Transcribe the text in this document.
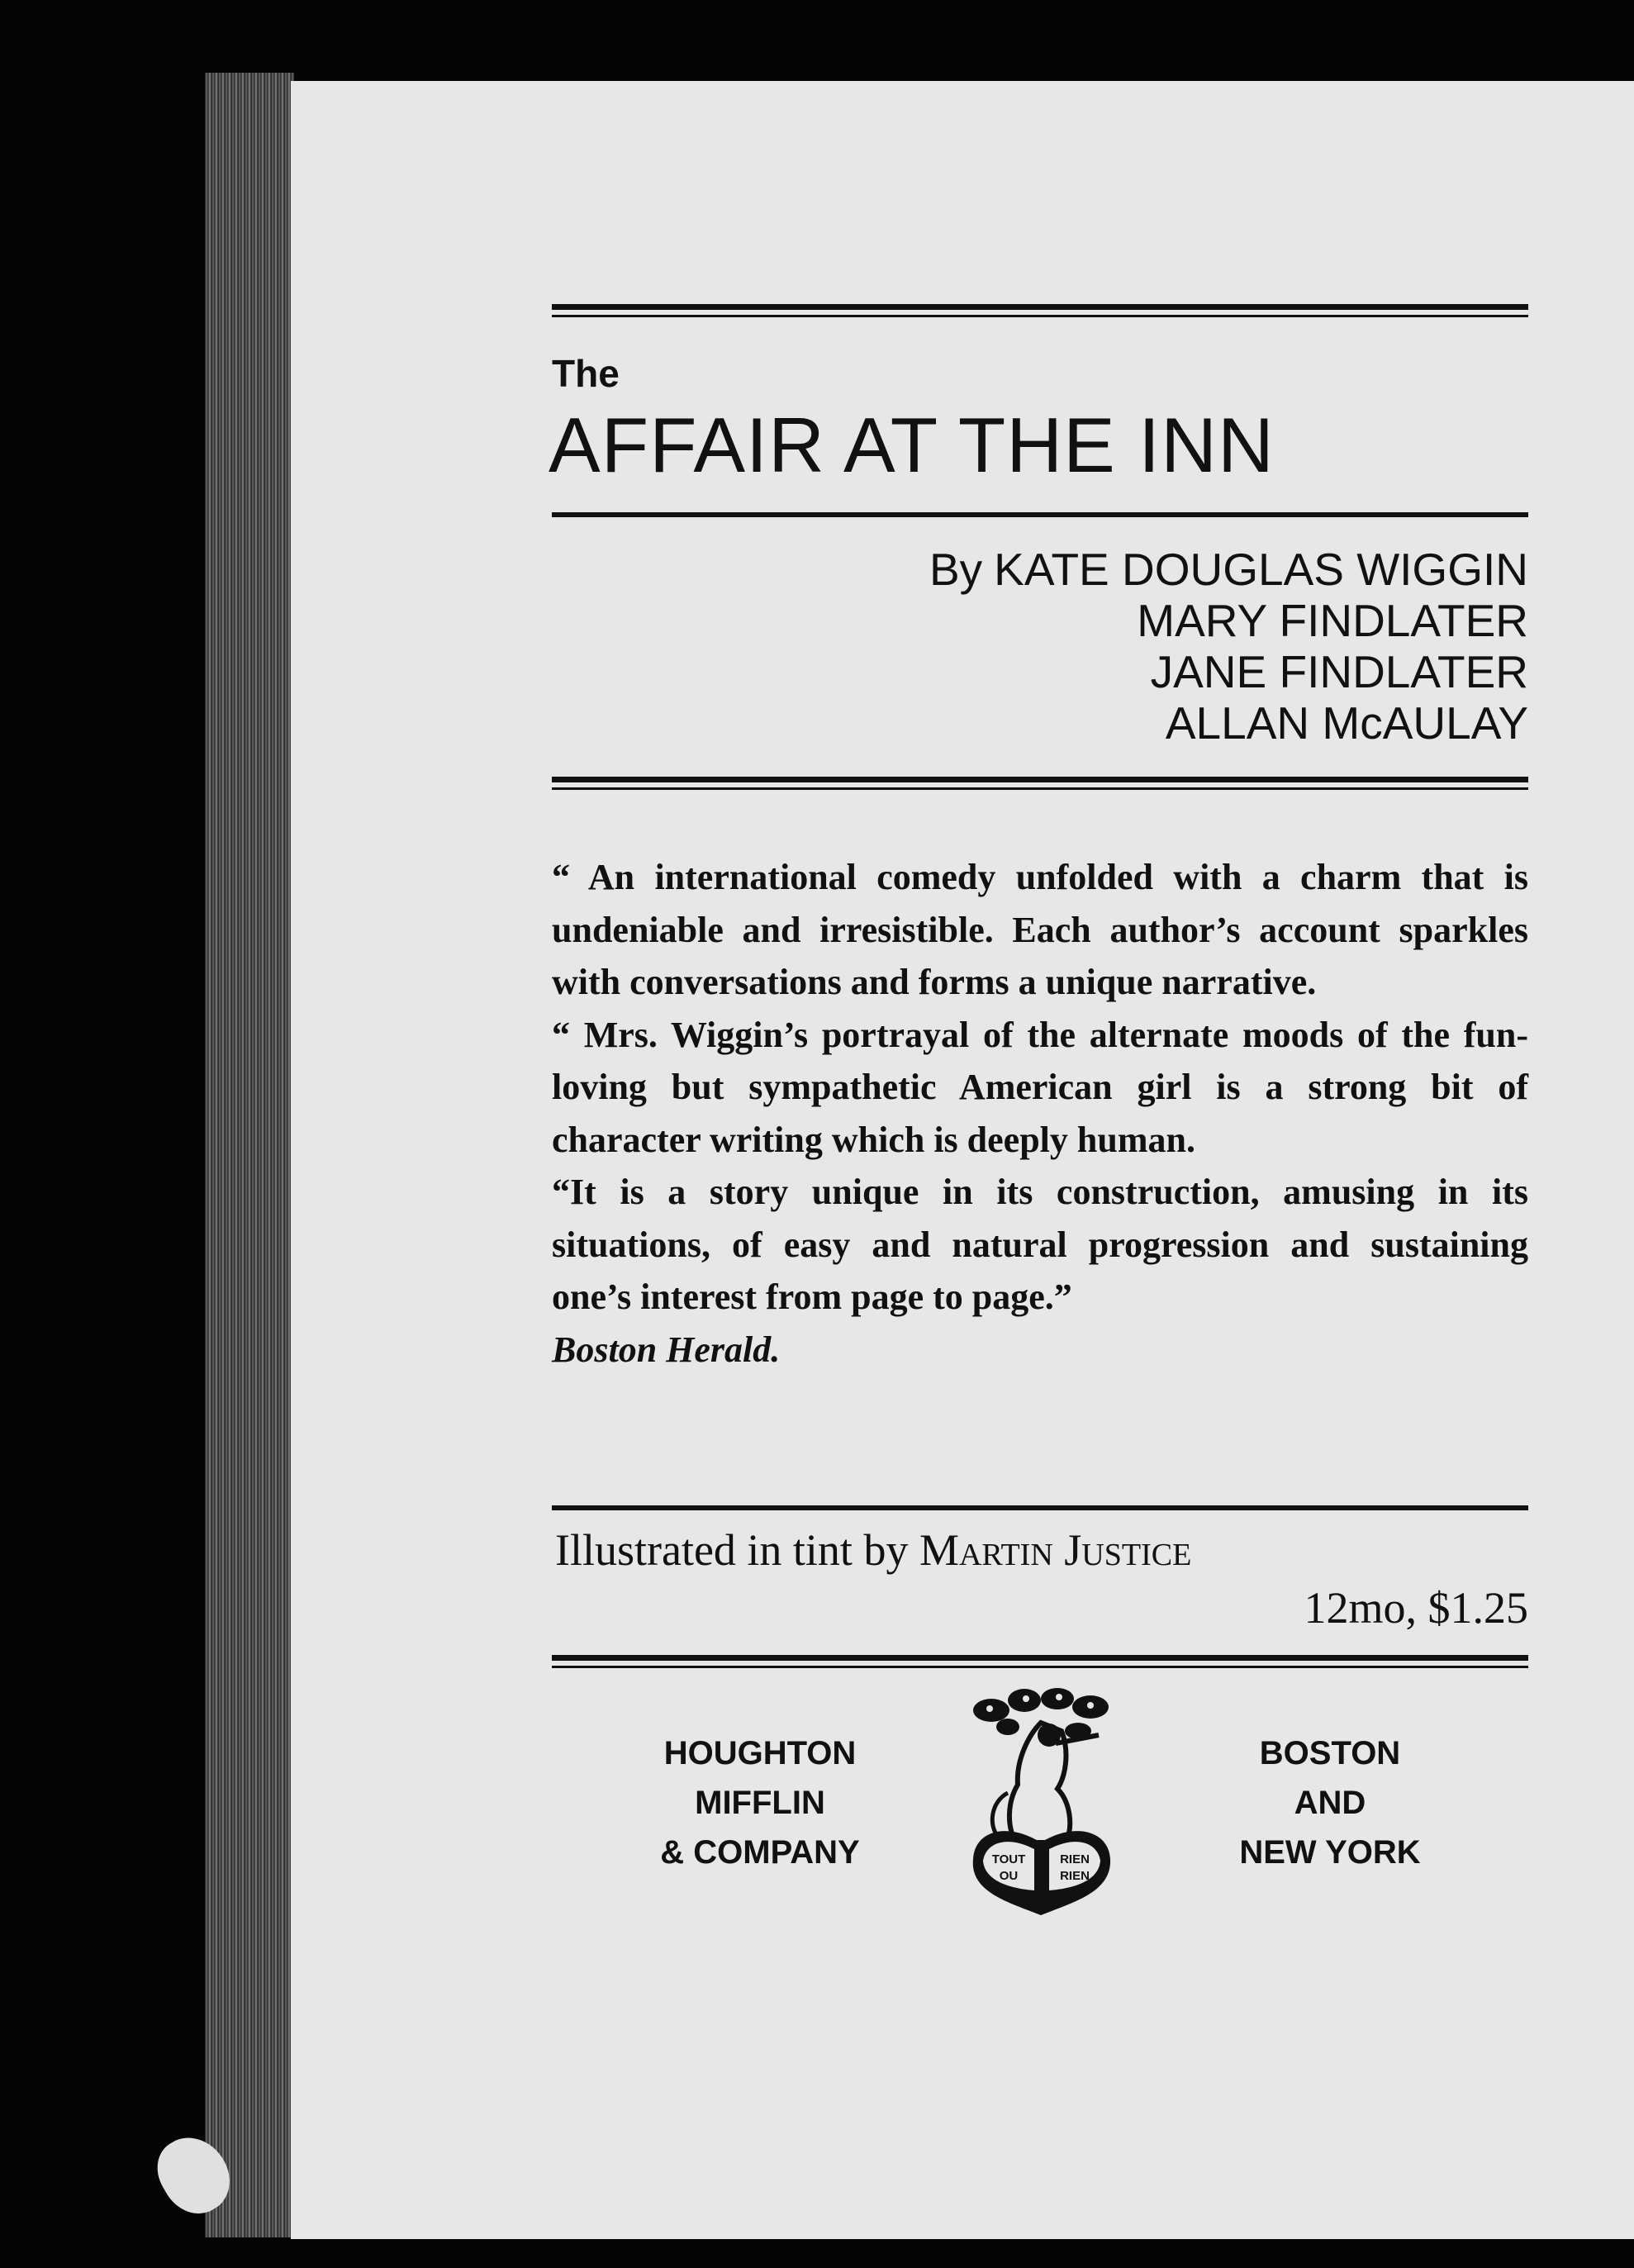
The
AFFAIR AT THE INN
By KATE DOUGLAS WIGGIN
MARY FINDLATER
JANE FINDLATER
ALLAN McAULAY

“ An international comedy unfolded with a charm that is undeniable and irresistible. Each author’s account sparkles with conversations and forms a unique narrative.

“ Mrs. Wiggin’s portrayal of the alternate moods of the fun-loving but sympathetic American girl is a strong bit of character writing which is deeply human.

“It is a story unique in its construction, amusing in its situations, of easy and natural progression and sustaining one’s interest from page to page.”

Boston Herald.

Illustrated in tint by Martin Justice
12mo, $1.25
HOUGHTON
MIFFLIN
& COMPANY	TOUT
OU
RIEN
RIEN
BOSTON
AND
NEW YORK
